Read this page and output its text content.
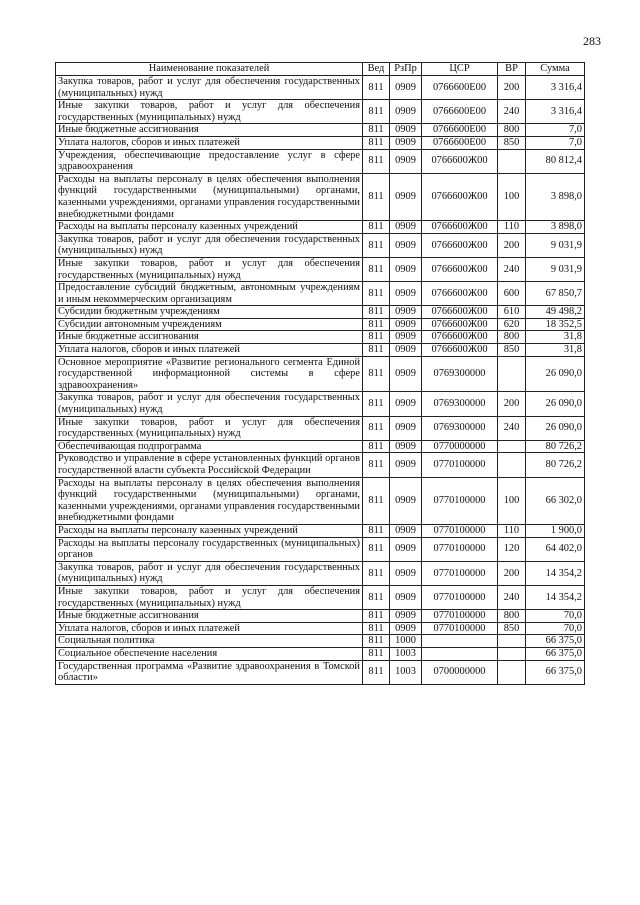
283
Наименование показателей	Вед	РзПр	ЦСР	ВР	Сумма
Закупка товаров, работ и услуг для обеспечения государственных (муниципальных) нужд	811	0909	0766600Е00	200	3 316,4
Иные закупки товаров, работ и услуг для обеспечения государственных (муниципальных) нужд	811	0909	0766600Е00	240	3 316,4
Иные бюджетные ассигнования	811	0909	0766600Е00	800	7,0
Уплата налогов, сборов и иных платежей	811	0909	0766600Е00	850	7,0
Учреждения, обеспечивающие предоставление услуг в сфере здравоохранения	811	0909	0766600Ж00		80 812,4
Расходы на выплаты персоналу в целях обеспечения выполнения функций государственными (муниципальными) органами, казенными учреждениями, органами управления государственными внебюджетными фондами	811	0909	0766600Ж00	100	3 898,0
Расходы на выплаты персоналу казенных учреждений	811	0909	0766600Ж00	110	3 898,0
Закупка товаров, работ и услуг для обеспечения государственных (муниципальных) нужд	811	0909	0766600Ж00	200	9 031,9
Иные закупки товаров, работ и услуг для обеспечения государственных (муниципальных) нужд	811	0909	0766600Ж00	240	9 031,9
Предоставление субсидий бюджетным, автономным учреждениям и иным некоммерческим организациям	811	0909	0766600Ж00	600	67 850,7
Субсидии бюджетным учреждениям	811	0909	0766600Ж00	610	49 498,2
Субсидии автономным учреждениям	811	0909	0766600Ж00	620	18 352,5
Иные бюджетные ассигнования	811	0909	0766600Ж00	800	31,8
Уплата налогов, сборов и иных платежей	811	0909	0766600Ж00	850	31,8
Основное мероприятие «Развитие регионального сегмента Единой государственной информационной системы в сфере здравоохранения»	811	0909	0769300000		26 090,0
Закупка товаров, работ и услуг для обеспечения государственных (муниципальных) нужд	811	0909	0769300000	200	26 090,0
Иные закупки товаров, работ и услуг для обеспечения государственных (муниципальных) нужд	811	0909	0769300000	240	26 090,0
Обеспечивающая подпрограмма	811	0909	0770000000		80 726,2
Руководство и управление в сфере установленных функций органов государственной власти субъекта Российской Федерации	811	0909	0770100000		80 726,2
Расходы на выплаты персоналу в целях обеспечения выполнения функций государственными (муниципальными) органами, казенными учреждениями, органами управления государственными внебюджетными фондами	811	0909	0770100000	100	66 302,0
Расходы на выплаты персоналу казенных учреждений	811	0909	0770100000	110	1 900,0
Расходы на выплаты персоналу государственных (муниципальных) органов	811	0909	0770100000	120	64 402,0
Закупка товаров, работ и услуг для обеспечения государственных (муниципальных) нужд	811	0909	0770100000	200	14 354,2
Иные закупки товаров, работ и услуг для обеспечения государственных (муниципальных) нужд	811	0909	0770100000	240	14 354,2
Иные бюджетные ассигнования	811	0909	0770100000	800	70,0
Уплата налогов, сборов и иных платежей	811	0909	0770100000	850	70,0
Социальная политика	811	1000			66 375,0
Социальное обеспечение населения	811	1003			66 375,0
Государственная программа «Развитие здравоохранения в Томской области»	811	1003	0700000000		66 375,0
